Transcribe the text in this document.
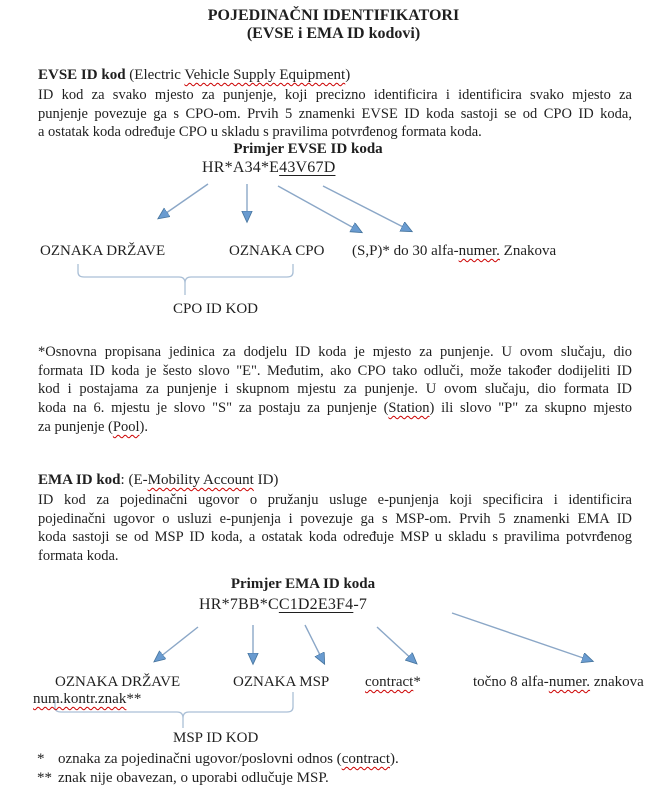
POJEDINAČNI IDENTIFIKATORI
(EVSE i EMA ID kodovi)
EVSE ID kod (Electric Vehicle Supply Equipment)
ID kod za svako mjesto za punjenje, koji precizno identificira i identificira svako mjesto za
punjenje povezuje ga s CPO-om. Prvih 5 znamenki EVSE ID koda sastoji se od CPO ID koda,
a ostatak koda određuje CPO u skladu s pravilima potvrđenog formata koda.
Primjer EVSE ID koda
HR*A34*E43V67D
OZNAKA DRŽAVE	OZNAKA CPO (S,P)* do 30 alfa-numer. Znakova
CPO ID KOD
*Osnovna propisana jedinica za dodjelu ID koda je mjesto za punjenje. U ovom slučaju, dio
formata ID koda je šesto slovo "E". Međutim, ako CPO tako odluči, može također dodijeliti ID
kod i postajama za punjenje i skupnom mjestu za punjenje. U ovom slučaju, dio formata ID
koda na 6. mjestu je slovo "S" za postaju za punjenje (Station) ili slovo "P" za skupno mjesto
za punjenje (Pool).
EMA ID kod: (E-Mobility Account ID)
ID kod za pojedinačni ugovor o pružanju usluge e-punjenja koji specificira i identificira
pojedinačni ugovor o usluzi e-punjenja i povezuje ga s MSP-om. Prvih 5 znamenki EMA ID
koda sastoji se od MSP ID koda, a ostatak koda određuje MSP u skladu s pravilima potvrđenog
formata koda.
Primjer EMA ID koda
HR*7BB*CC1D2E3F4-7
OZNAKA DRŽAVE	OZNAKA MSP contract*	točno 8 alfa-numer. znakova
num.kontr.znak**
MSP ID KOD
* oznaka za pojedinačni ugovor/poslovni odnos (contract).
** znak nije obavezan, o uporabi odlučuje MSP.
